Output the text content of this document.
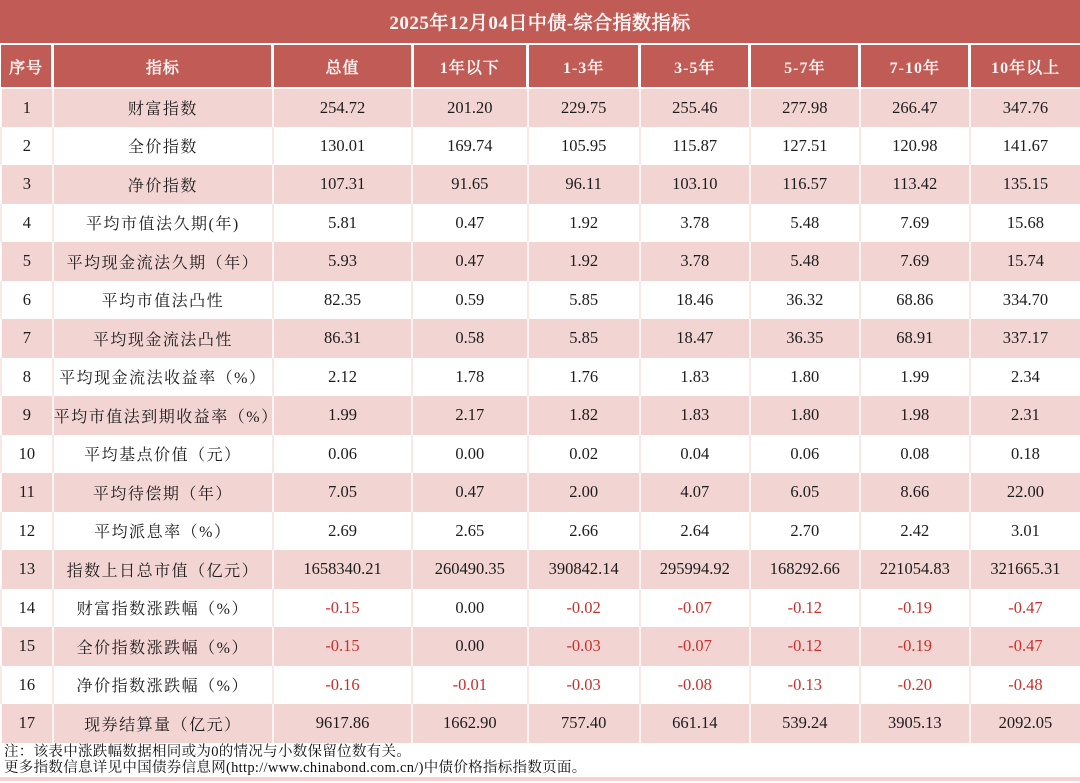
2025年12月04日中债-综合指数指标
序号	指标	总值	1年以下	1-3年	3-5年	5-7年	7-10年	10年以上
1	财富指数	254.72	201.20	229.75	255.46	277.98	266.47	347.76
2	全价指数	130.01	169.74	105.95	115.87	127.51	120.98	141.67
3	净价指数	107.31	91.65	96.11	103.10	116.57	113.42	135.15
4	平均市值法久期(年)	5.81	0.47	1.92	3.78	5.48	7.69	15.68
5	平均现金流法久期（年）	5.93	0.47	1.92	3.78	5.48	7.69	15.74
6	平均市值法凸性	82.35	0.59	5.85	18.46	36.32	68.86	334.70
7	平均现金流法凸性	86.31	0.58	5.85	18.47	36.35	68.91	337.17
8	平均现金流法收益率（%）	2.12	1.78	1.76	1.83	1.80	1.99	2.34
9	平均市值法到期收益率（%）	1.99	2.17	1.82	1.83	1.80	1.98	2.31
10	平均基点价值（元）	0.06	0.00	0.02	0.04	0.06	0.08	0.18
11	平均待偿期（年）	7.05	0.47	2.00	4.07	6.05	8.66	22.00
12	平均派息率（%）	2.69	2.65	2.66	2.64	2.70	2.42	3.01
13	指数上日总市值（亿元）	1658340.21	260490.35	390842.14	295994.92	168292.66	221054.83	321665.31
14	财富指数涨跌幅（%）	-0.15	0.00	-0.02	-0.07	-0.12	-0.19	-0.47
15	全价指数涨跌幅（%）	-0.15	0.00	-0.03	-0.07	-0.12	-0.19	-0.47
16	净价指数涨跌幅（%）	-0.16	-0.01	-0.03	-0.08	-0.13	-0.20	-0.48
17	现券结算量（亿元）	9617.86	1662.90	757.40	661.14	539.24	3905.13	2092.05
注：该表中涨跌幅数据相同或为0的情况与小数保留位数有关。
更多指数信息详见中国债券信息网(http://www.chinabond.com.cn/)中债价格指标指数页面。
